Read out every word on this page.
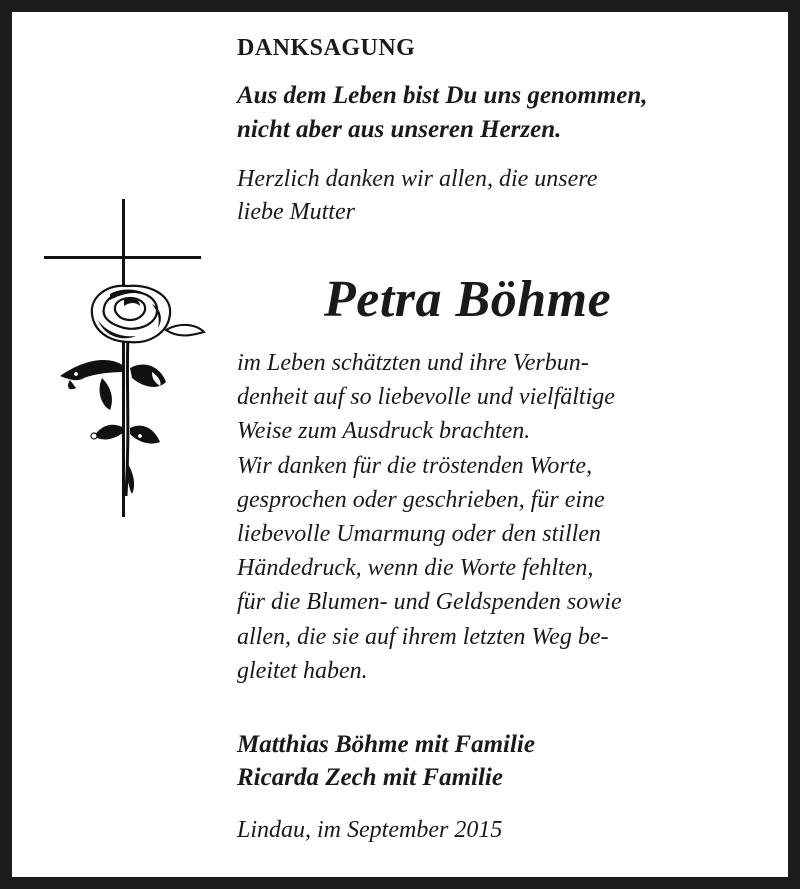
DANKSAGUNG
Aus dem Leben bist Du uns genommen,
nicht aber aus unseren Herzen.
Herzlich danken wir allen, die unsere
liebe Mutter
Petra Böhme
im Leben schätzten und ihre Verbun-
denheit auf so liebevolle und vielfältige
Weise zum Ausdruck brachten.
Wir danken für die tröstenden Worte,
gesprochen oder geschrieben, für eine
liebevolle Umarmung oder den stillen
Händedruck, wenn die Worte fehlten,
für die Blumen- und Geldspenden sowie
allen, die sie auf ihrem letzten Weg be-
gleitet haben.
Matthias Böhme mit Familie
Ricarda Zech mit Familie
Lindau, im September 2015
